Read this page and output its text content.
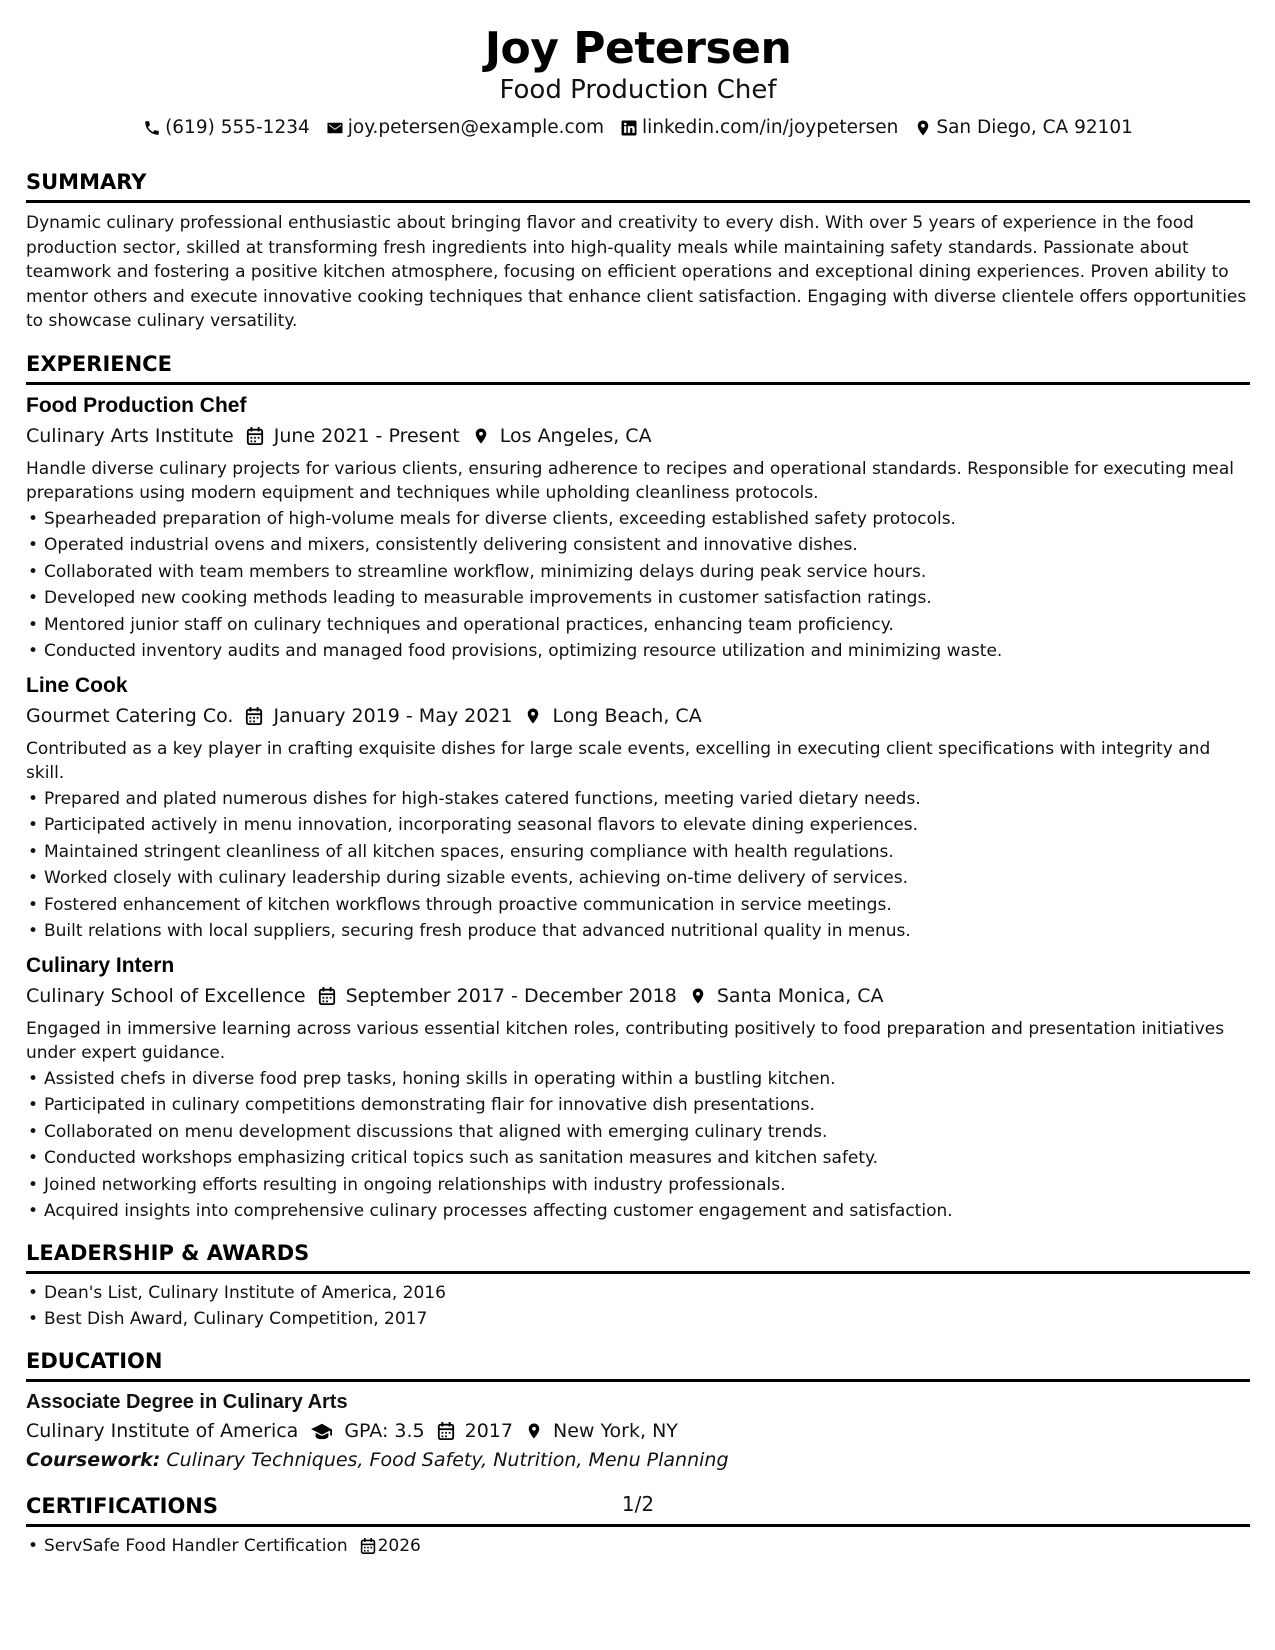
Joy Petersen
Food Production Chef
(619) 555-1234 joy.petersen@example.com linkedin.com/in/joypetersen San Diego, CA 92101
SUMMARY
Dynamic culinary professional enthusiastic about bringing flavor and creativity to every dish. With over 5 years of experience in the food production sector, skilled at transforming fresh ingredients into high-quality meals while maintaining safety standards. Passionate about teamwork and fostering a positive kitchen atmosphere, focusing on efficient operations and exceptional dining experiences. Proven ability to mentor others and execute innovative cooking techniques that enhance client satisfaction. Engaging with diverse clientele offers opportunities to showcase culinary versatility.
EXPERIENCE
Food Production Chef
Culinary Arts Institute June 2021 - Present Los Angeles, CA
Handle diverse culinary projects for various clients, ensuring adherence to recipes and operational standards. Responsible for executing meal preparations using modern equipment and techniques while upholding cleanliness protocols.
• Spearheaded preparation of high-volume meals for diverse clients, exceeding established safety protocols.
• Operated industrial ovens and mixers, consistently delivering consistent and innovative dishes.
• Collaborated with team members to streamline workflow, minimizing delays during peak service hours.
• Developed new cooking methods leading to measurable improvements in customer satisfaction ratings.
• Mentored junior staff on culinary techniques and operational practices, enhancing team proficiency.
• Conducted inventory audits and managed food provisions, optimizing resource utilization and minimizing waste.
Line Cook
Gourmet Catering Co. January 2019 - May 2021 Long Beach, CA
Contributed as a key player in crafting exquisite dishes for large scale events, excelling in executing client specifications with integrity and skill.
• Prepared and plated numerous dishes for high-stakes catered functions, meeting varied dietary needs.
• Participated actively in menu innovation, incorporating seasonal flavors to elevate dining experiences.
• Maintained stringent cleanliness of all kitchen spaces, ensuring compliance with health regulations.
• Worked closely with culinary leadership during sizable events, achieving on-time delivery of services.
• Fostered enhancement of kitchen workflows through proactive communication in service meetings.
• Built relations with local suppliers, securing fresh produce that advanced nutritional quality in menus.
Culinary Intern
Culinary School of Excellence September 2017 - December 2018 Santa Monica, CA
Engaged in immersive learning across various essential kitchen roles, contributing positively to food preparation and presentation initiatives under expert guidance.
• Assisted chefs in diverse food prep tasks, honing skills in operating within a bustling kitchen.
• Participated in culinary competitions demonstrating flair for innovative dish presentations.
• Collaborated on menu development discussions that aligned with emerging culinary trends.
• Conducted workshops emphasizing critical topics such as sanitation measures and kitchen safety.
• Joined networking efforts resulting in ongoing relationships with industry professionals.
• Acquired insights into comprehensive culinary processes affecting customer engagement and satisfaction.
LEADERSHIP & AWARDS
• Dean's List, Culinary Institute of America, 2016
• Best Dish Award, Culinary Competition, 2017
EDUCATION
Associate Degree in Culinary Arts
Culinary Institute of America GPA: 3.5 2017 New York, NY
Coursework: Culinary Techniques, Food Safety, Nutrition, Menu Planning
CERTIFICATIONS
• ServSafe Food Handler Certification 2026
1/2
